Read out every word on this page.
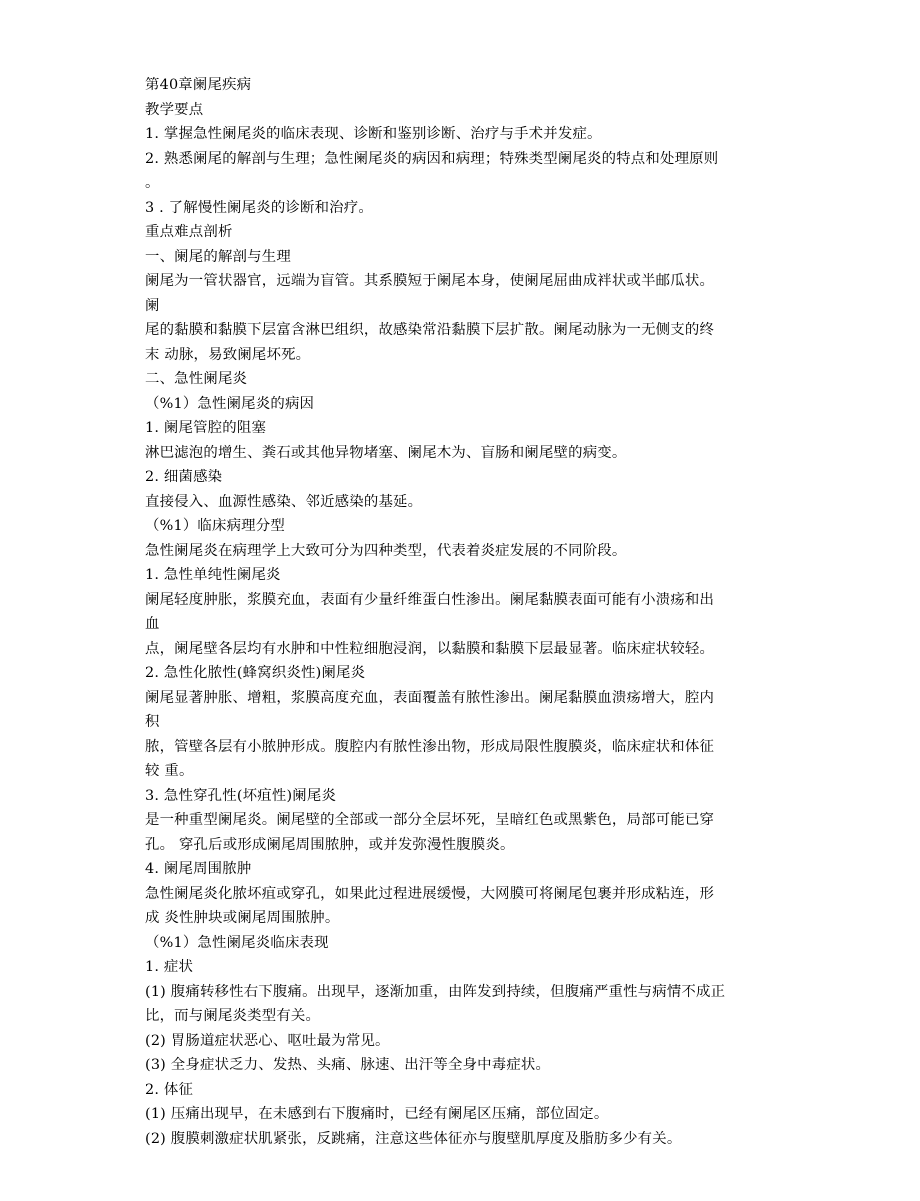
第40章阑尾疾病
教学要点
1. 掌握急性阑尾炎的临床表现、诊断和鉴别诊断、治疗与手术并发症。
2. 熟悉阑尾的解剖与生理；急性阑尾炎的病因和病理；特殊类型阑尾炎的特点和处理原则
。
3 . 了解慢性阑尾炎的诊断和治疗。
重点难点剖析
一、阑尾的解剖与生理
阑尾为一管状器官，远端为盲管。其系膜短于阑尾本身，使阑尾屈曲成袢状或半邮瓜状。
阑
尾的黏膜和黏膜下层富含淋巴组织，故感染常沿黏膜下层扩散。阑尾动脉为一无侧支的终
末 动脉，易致阑尾坏死。
二、急性阑尾炎
（%1）急性阑尾炎的病因
1. 阑尾管腔的阻塞
淋巴滤泡的增生、粪石或其他异物堵塞、阑尾木为、盲肠和阑尾壁的病变。
2. 细菌感染
直接侵入、血源性感染、邻近感染的基延。
（%1）临床病理分型
急性阑尾炎在病理学上大致可分为四种类型，代表着炎症发展的不同阶段。
1. 急性单纯性阑尾炎
阑尾轻度肿胀，浆膜充血，表面有少量纤维蛋白性渗出。阑尾黏膜表面可能有小溃疡和出
血
点，阑尾壁各层均有水肿和中性粒细胞浸润，以黏膜和黏膜下层最显著。临床症状较轻。
2. 急性化脓性(蜂窝织炎性)阑尾炎
阑尾显著肿胀、增粗，浆膜高度充血，表面覆盖有脓性渗出。阑尾黏膜血溃疡增大，腔内
积
脓，管壁各层有小脓肿形成。腹腔内有脓性渗出物，形成局限性腹膜炎，临床症状和体征
较 重。
3. 急性穿孔性(坏疽性)阑尾炎
是一种重型阑尾炎。阑尾壁的全部或一部分全层坏死，呈暗红色或黑紫色，局部可能已穿
孔。 穿孔后或形成阑尾周围脓肿，或并发弥漫性腹膜炎。
4. 阑尾周围脓肿
急性阑尾炎化脓坏疽或穿孔，如果此过程进展缓慢，大网膜可将阑尾包裹并形成粘连，形
成 炎性肿块或阑尾周围脓肿。
（%1）急性阑尾炎临床表现
1. 症状
(1) 腹痛转移性右下腹痛。出现早，逐渐加重，由阵发到持续，但腹痛严重性与病情不成正
比，而与阑尾炎类型有关。
(2) 胃肠道症状恶心、呕吐最为常见。
(3) 全身症状乏力、发热、头痛、脉速、出汗等全身中毒症状。
2. 体征
(1) 压痛出现早，在未感到右下腹痛时，已经有阑尾区压痛，部位固定。
(2) 腹膜刺激症状肌紧张，反跳痛，注意这些体征亦与腹壁肌厚度及脂肪多少有关。
